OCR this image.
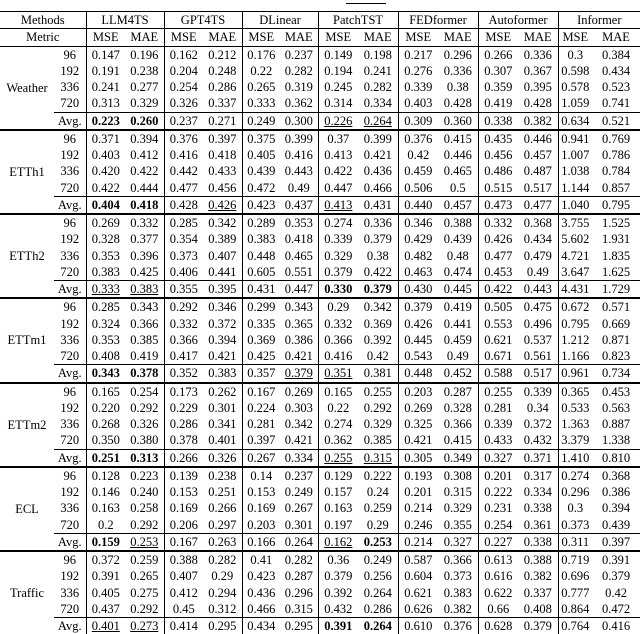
Methods		LLM4TS		GPT4TS		DLinear		PatchTST		FEDformer		Autoformer		Informer	
Metric		MSE	MAE	MSE	MAE	MSE	MAE	MSE	MAE	MSE	MAE	MSE	MAE	MSE	MAE
Weather	96	0.147	0.196	0.162	0.212	0.176	0.237	0.149	0.198	0.217	0.296	0.266	0.336	0.3	0.384
	192	0.191	0.238	0.204	0.248	0.22	0.282	0.194	0.241	0.276	0.336	0.307	0.367	0.598	0.434
	336	0.241	0.277	0.254	0.286	0.265	0.319	0.245	0.282	0.339	0.38	0.359	0.395	0.578	0.523
	720	0.313	0.329	0.326	0.337	0.333	0.362	0.314	0.334	0.403	0.428	0.419	0.428	1.059	0.741
	Avg.	0.223	0.260	0.237	0.271	0.249	0.300	0.226	0.264	0.309	0.360	0.338	0.382	0.634	0.521
ETTh1	96	0.371	0.394	0.376	0.397	0.375	0.399	0.37	0.399	0.376	0.415	0.435	0.446	0.941	0.769
	192	0.403	0.412	0.416	0.418	0.405	0.416	0.413	0.421	0.42	0.446	0.456	0.457	1.007	0.786
	336	0.420	0.422	0.442	0.433	0.439	0.443	0.422	0.436	0.459	0.465	0.486	0.487	1.038	0.784
	720	0.422	0.444	0.477	0.456	0.472	0.49	0.447	0.466	0.506	0.5	0.515	0.517	1.144	0.857
	Avg.	0.404	0.418	0.428	0.426	0.423	0.437	0.413	0.431	0.440	0.457	0.473	0.477	1.040	0.795
ETTh2	96	0.269	0.332	0.285	0.342	0.289	0.353	0.274	0.336	0.346	0.388	0.332	0.368	3.755	1.525
	192	0.328	0.377	0.354	0.389	0.383	0.418	0.339	0.379	0.429	0.439	0.426	0.434	5.602	1.931
	336	0.353	0.396	0.373	0.407	0.448	0.465	0.329	0.38	0.482	0.48	0.477	0.479	4.721	1.835
	720	0.383	0.425	0.406	0.441	0.605	0.551	0.379	0.422	0.463	0.474	0.453	0.49	3.647	1.625
	Avg.	0.333	0.383	0.355	0.395	0.431	0.447	0.330	0.379	0.430	0.445	0.422	0.443	4.431	1.729
ETTm1	96	0.285	0.343	0.292	0.346	0.299	0.343	0.29	0.342	0.379	0.419	0.505	0.475	0.672	0.571
	192	0.324	0.366	0.332	0.372	0.335	0.365	0.332	0.369	0.426	0.441	0.553	0.496	0.795	0.669
	336	0.353	0.385	0.366	0.394	0.369	0.386	0.366	0.392	0.445	0.459	0.621	0.537	1.212	0.871
	720	0.408	0.419	0.417	0.421	0.425	0.421	0.416	0.42	0.543	0.49	0.671	0.561	1.166	0.823
	Avg.	0.343	0.378	0.352	0.383	0.357	0.379	0.351	0.381	0.448	0.452	0.588	0.517	0.961	0.734
ETTm2	96	0.165	0.254	0.173	0.262	0.167	0.269	0.165	0.255	0.203	0.287	0.255	0.339	0.365	0.453
	192	0.220	0.292	0.229	0.301	0.224	0.303	0.22	0.292	0.269	0.328	0.281	0.34	0.533	0.563
	336	0.268	0.326	0.286	0.341	0.281	0.342	0.274	0.329	0.325	0.366	0.339	0.372	1.363	0.887
	720	0.350	0.380	0.378	0.401	0.397	0.421	0.362	0.385	0.421	0.415	0.433	0.432	3.379	1.338
	Avg.	0.251	0.313	0.266	0.326	0.267	0.334	0.255	0.315	0.305	0.349	0.327	0.371	1.410	0.810
ECL	96	0.128	0.223	0.139	0.238	0.14	0.237	0.129	0.222	0.193	0.308	0.201	0.317	0.274	0.368
	192	0.146	0.240	0.153	0.251	0.153	0.249	0.157	0.24	0.201	0.315	0.222	0.334	0.296	0.386
	336	0.163	0.258	0.169	0.266	0.169	0.267	0.163	0.259	0.214	0.329	0.231	0.338	0.3	0.394
	720	0.2	0.292	0.206	0.297	0.203	0.301	0.197	0.29	0.246	0.355	0.254	0.361	0.373	0.439
	Avg.	0.159	0.253	0.167	0.263	0.166	0.264	0.162	0.253	0.214	0.327	0.227	0.338	0.311	0.397
Traffic	96	0.372	0.259	0.388	0.282	0.41	0.282	0.36	0.249	0.587	0.366	0.613	0.388	0.719	0.391
	192	0.391	0.265	0.407	0.29	0.423	0.287	0.379	0.256	0.604	0.373	0.616	0.382	0.696	0.379
	336	0.405	0.275	0.412	0.294	0.436	0.296	0.392	0.264	0.621	0.383	0.622	0.337	0.777	0.42
	720	0.437	0.292	0.45	0.312	0.466	0.315	0.432	0.286	0.626	0.382	0.66	0.408	0.864	0.472
	Avg.	0.401	0.273	0.414	0.295	0.434	0.295	0.391	0.264	0.610	0.376	0.628	0.379	0.764	0.416
